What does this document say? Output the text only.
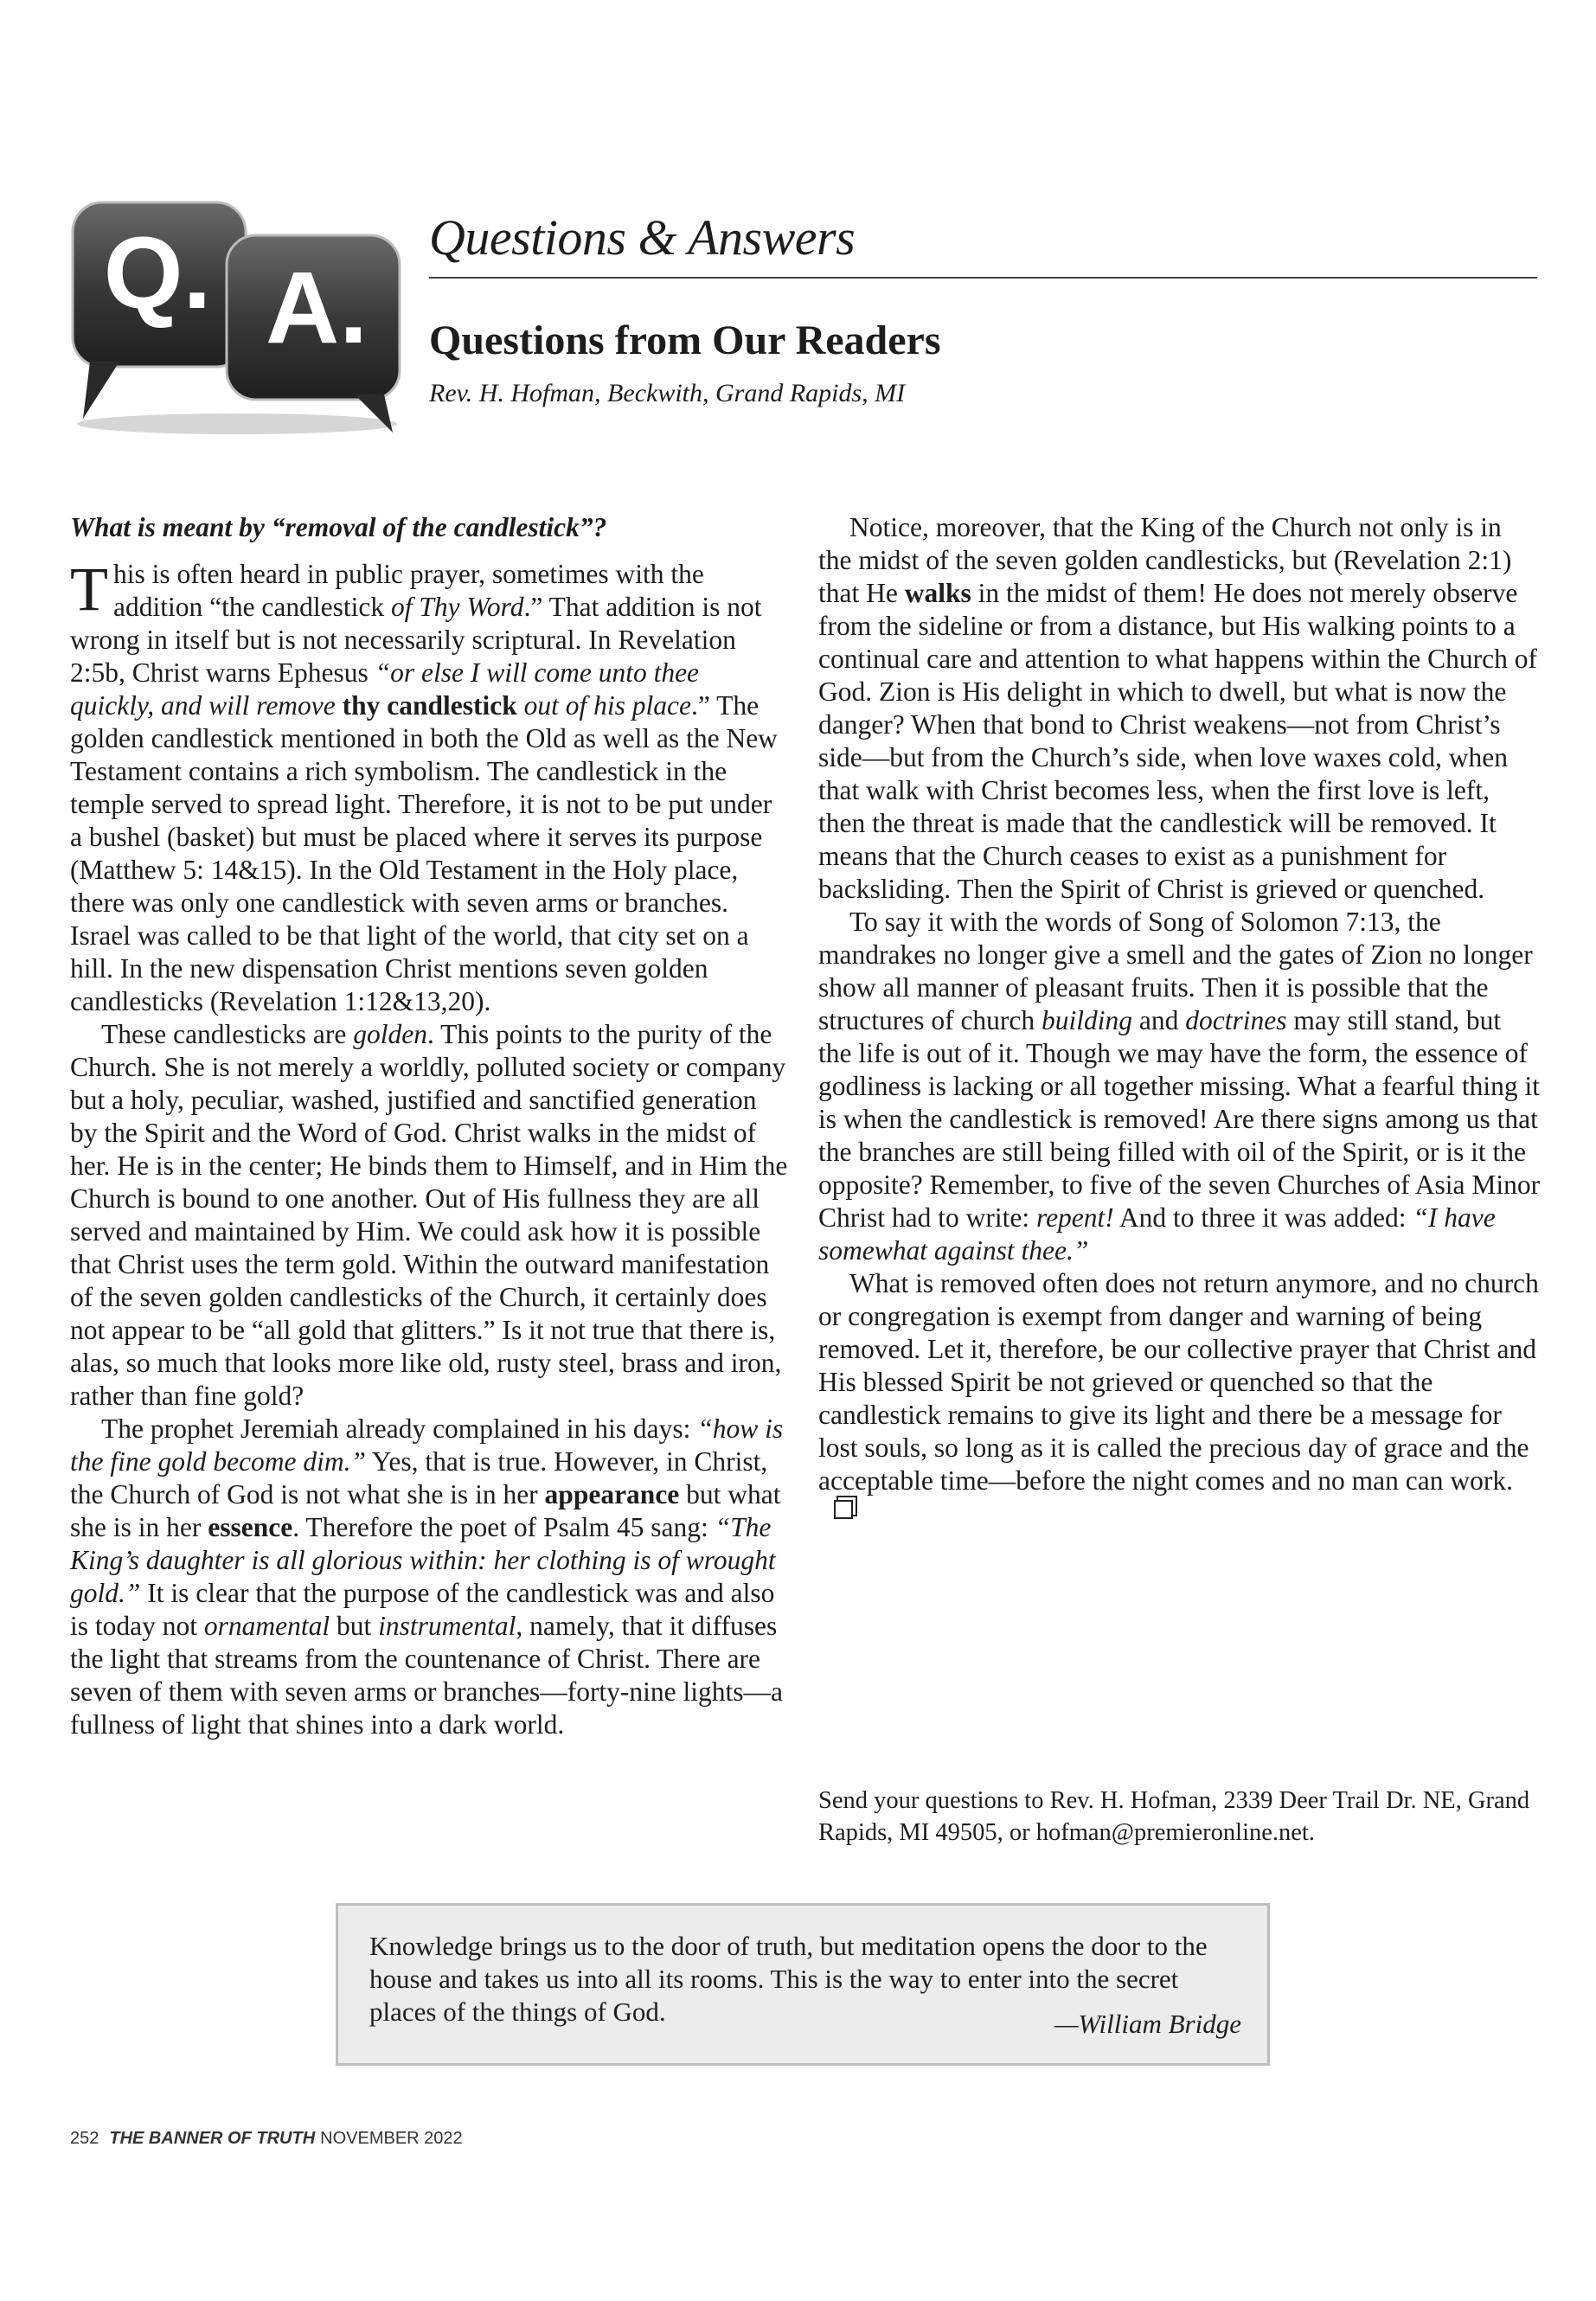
Q. A.
Questions & Answers
Questions from Our Readers

Rev. H. Hofman, Beckwith, Grand Rapids, MI

What is meant by “removal of the candlestick”?

This is often heard in public prayer, sometimes with the addition “the candlestick of Thy Word.” That addition is not wrong in itself but is not necessarily scriptural. In Revelation 2:5b, Christ warns Ephesus “or else I will come unto thee quickly, and will remove thy candlestick out of his place.” The golden candlestick mentioned in both the Old as well as the New Testament contains a rich symbolism. The candlestick in the temple served to spread light. Therefore, it is not to be put under a bushel (basket) but must be placed where it serves its purpose (Matthew 5: 14&15). In the Old Testament in the Holy place, there was only one candlestick with seven arms or branches. Israel was called to be that light of the world, that city set on a hill. In the new dispensation Christ mentions seven golden candlesticks (Revelation 1:12&13,20).

These candlesticks are golden. This points to the purity of the Church. She is not merely a worldly, polluted society or company but a holy, peculiar, washed, justified and sanctified generation by the Spirit and the Word of God. Christ walks in the midst of her. He is in the center; He binds them to Himself, and in Him the Church is bound to one another. Out of His fullness they are all served and maintained by Him. We could ask how it is possible that Christ uses the term gold. Within the outward manifestation of the seven golden candlesticks of the Church, it certainly does not appear to be “all gold that glitters.” Is it not true that there is, alas, so much that looks more like old, rusty steel, brass and iron, rather than fine gold?

The prophet Jeremiah already complained in his days: “how is the fine gold become dim.” Yes, that is true. However, in Christ, the Church of God is not what she is in her appearance but what she is in her essence. Therefore the poet of Psalm 45 sang: “The King’s daughter is all glorious within: her clothing is of wrought gold.” It is clear that the purpose of the candlestick was and also is today not ornamental but instrumental, namely, that it diffuses the light that streams from the countenance of Christ. There are seven of them with seven arms or branches—forty-nine lights—a fullness of light that shines into a dark world.

Notice, moreover, that the King of the Church not only is in the midst of the seven golden candlesticks, but (Revelation 2:1) that He walks in the midst of them! He does not merely observe from the sideline or from a distance, but His walking points to a continual care and attention to what happens within the Church of God. Zion is His delight in which to dwell, but what is now the danger? When that bond to Christ weakens—not from Christ’s side—but from the Church’s side, when love waxes cold, when that walk with Christ becomes less, when the first love is left, then the threat is made that the candlestick will be removed. It means that the Church ceases to exist as a punishment for backsliding. Then the Spirit of Christ is grieved or quenched.

To say it with the words of Song of Solomon 7:13, the mandrakes no longer give a smell and the gates of Zion no longer show all manner of pleasant fruits. Then it is possible that the structures of church building and doctrines may still stand, but the life is out of it. Though we may have the form, the essence of godliness is lacking or all together missing. What a fearful thing it is when the candlestick is removed! Are there signs among us that the branches are still being filled with oil of the Spirit, or is it the opposite? Remember, to five of the seven Churches of Asia Minor Christ had to write: repent! And to three it was added: “I have somewhat against thee.”

What is removed often does not return anymore, and no church or congregation is exempt from danger and warning of being removed. Let it, therefore, be our collective prayer that Christ and His blessed Spirit be not grieved or quenched so that the candlestick remains to give its light and there be a message for lost souls, so long as it is called the precious day of grace and the acceptable time—before the night comes and no man can work.

Send your questions to Rev. H. Hofman, 2339 Deer Trail Dr. NE, Grand Rapids, MI 49505, or hofman@premieronline.net.

Knowledge brings us to the door of truth, but meditation opens the door to the house and takes us into all its rooms. This is the way to enter into the secret places of the things of God.	—William Bridge

252 THE BANNER OF TRUTH NOVEMBER 2022
